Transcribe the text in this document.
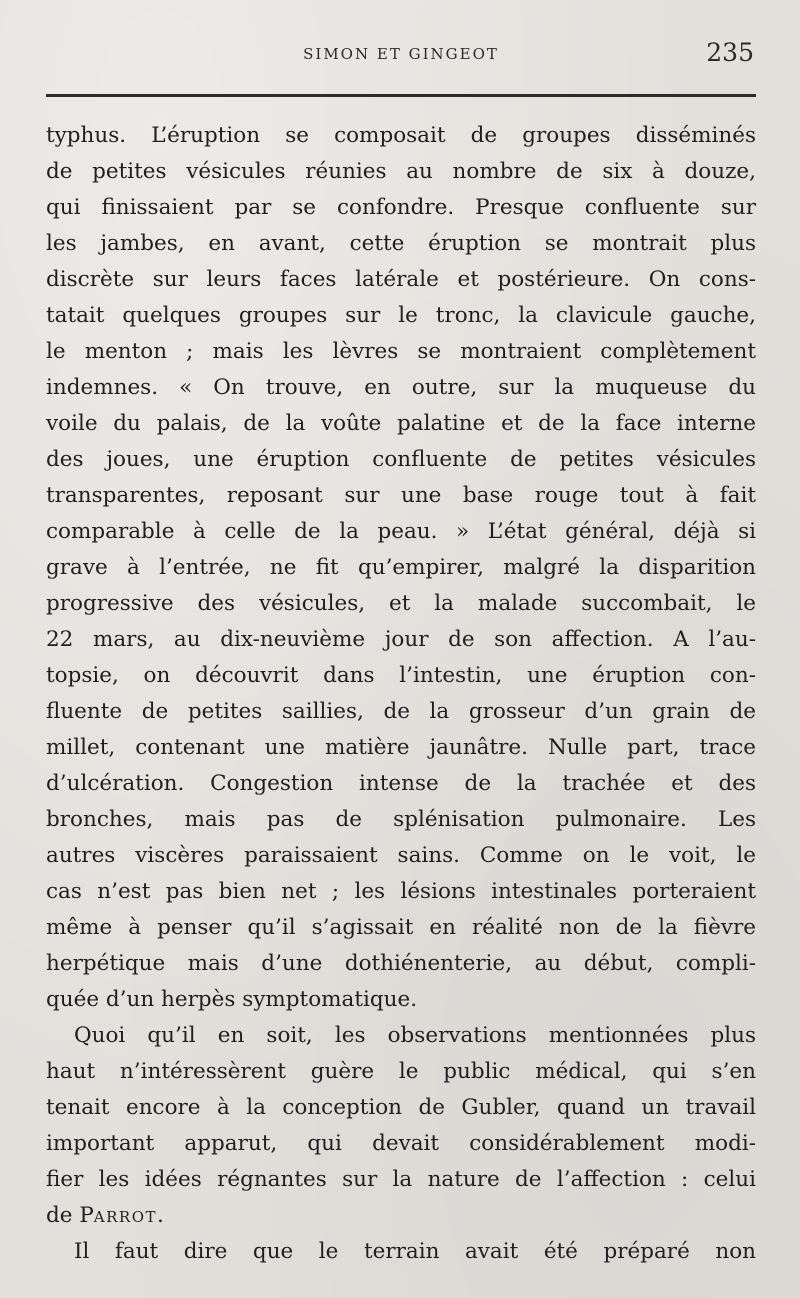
SIMON ET GINGEOT	235
typhus. L’éruption se composait de groupes disséminés
de petites vésicules réunies au nombre de six à douze,
qui finissaient par se confondre. Presque confluente sur
les jambes, en avant, cette éruption se montrait plus
discrète sur leurs faces latérale et postérieure. On cons-
tatait quelques groupes sur le tronc, la clavicule gauche,
le menton ; mais les lèvres se montraient complètement
indemnes. « On trouve, en outre, sur la muqueuse du
voile du palais, de la voûte palatine et de la face interne
des joues, une éruption confluente de petites vésicules
transparentes, reposant sur une base rouge tout à fait
comparable à celle de la peau. » L’état général, déjà si
grave à l’entrée, ne fit qu’empirer, malgré la disparition
progressive des vésicules, et la malade succombait, le
22 mars, au dix-neuvième jour de son affection. A l’au-
topsie, on découvrit dans l’intestin, une éruption con-
fluente de petites saillies, de la grosseur d’un grain de
millet, contenant une matière jaunâtre. Nulle part, trace
d’ulcération. Congestion intense de la trachée et des
bronches, mais pas de splénisation pulmonaire. Les
autres viscères paraissaient sains. Comme on le voit, le
cas n’est pas bien net ; les lésions intestinales porteraient
même à penser qu’il s’agissait en réalité non de la fièvre
herpétique mais d’une dothiénenterie, au début, compli-
quée d’un herpès symptomatique.
Quoi qu’il en soit, les observations mentionnées plus
haut n’intéressèrent guère le public médical, qui s’en
tenait encore à la conception de Gubler, quand un travail
important apparut, qui devait considérablement modi-
fier les idées régnantes sur la nature de l’affection : celui
de PARROT.
Il faut dire que le terrain avait été préparé non
